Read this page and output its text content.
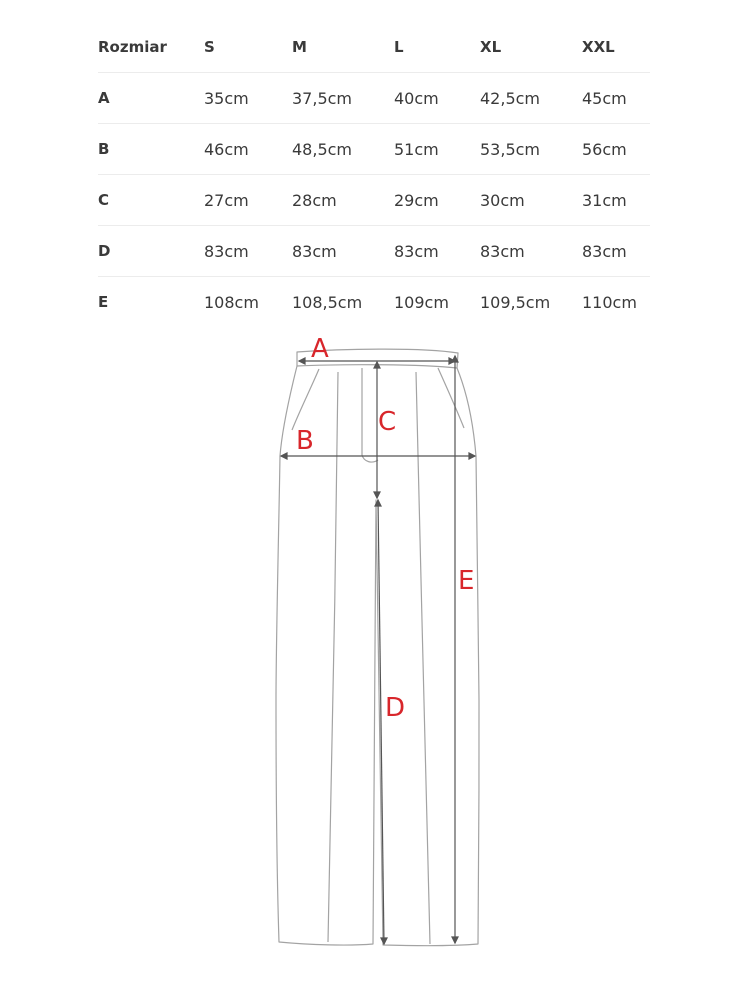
Rozmiar	S	M	L	XL	XXL
A	35cm	37,5cm	40cm	42,5cm	45cm
B	46cm	48,5cm	51cm	53,5cm	56cm
C	27cm	28cm	29cm	30cm	31cm
D	83cm	83cm	83cm	83cm	83cm
E	108cm	108,5cm	109cm	109,5cm	110cm
A
B
C
D
E
